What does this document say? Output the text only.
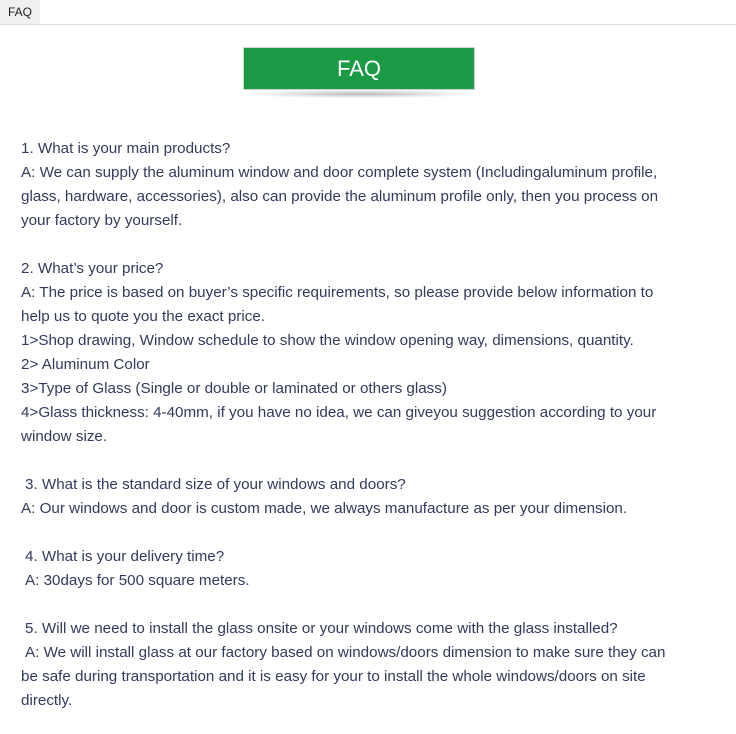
FAQ
FAQ

1. What is your main products?

A: We can supply the aluminum window and door complete system (Includingaluminum profile,

glass, hardware, accessories), also can provide the aluminum profile only, then you process on

your factory by yourself.

2. What’s your price?

A: The price is based on buyer’s specific requirements, so please provide below information to

help us to quote you the exact price.

1>Shop drawing, Window schedule to show the window opening way, dimensions, quantity.

2> Aluminum Color

3>Type of Glass (Single or double or laminated or others glass)

4>Glass thickness: 4-40mm, if you have no idea, we can giveyou suggestion according to your

window size.

3. What is the standard size of your windows and doors?

A: Our windows and door is custom made, we always manufacture as per your dimension.

4. What is your delivery time?

A: 30days for 500 square meters.

5. Will we need to install the glass onsite or your windows come with the glass installed?

A: We will install glass at our factory based on windows/doors dimension to make sure they can

be safe during transportation and it is easy for your to install the whole windows/doors on site

directly.
